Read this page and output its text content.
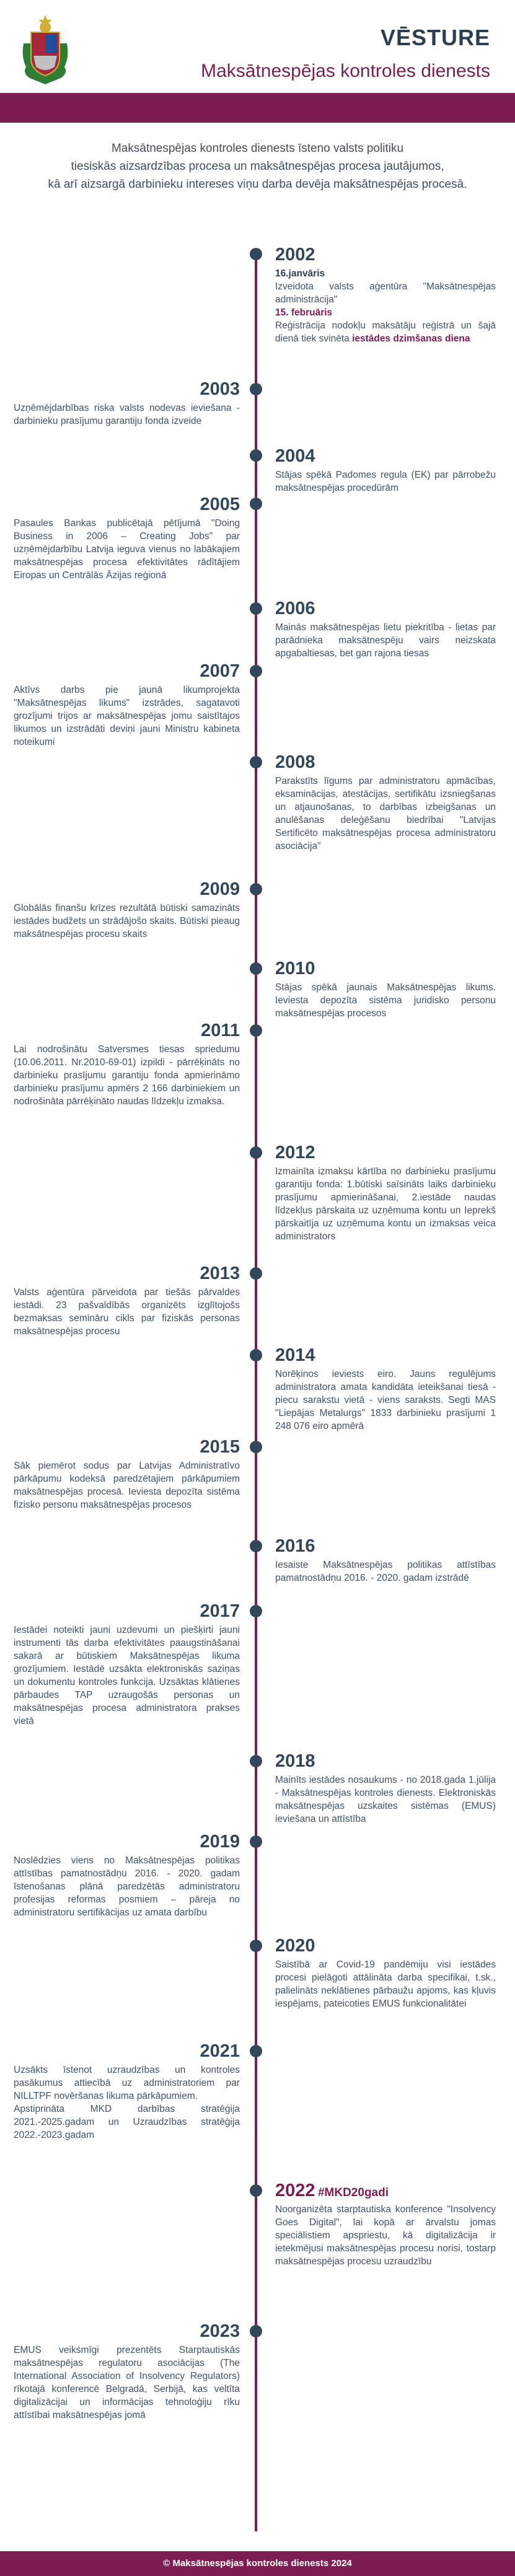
VĒSTURE
Maksātnespējas kontroles dienests
Maksātnespējas kontroles dienests īsteno valsts politiku
tiesiskās aizsardzības procesa un maksātnespējas procesa jautājumos,
kā arī aizsargā darbinieku intereses viņu darba devēja maksātnespējas procesā.
2002
16.janvāris
Izveidota valsts aģentūra "Maksātnespējas administrācija"
15. februāris
Reģistrācija nodokļu maksātāju reģistrā un šajā dienā tiek svinēta iestādes dzimšanas diena
2003
Uzņēmējdarbības riska valsts nodevas ieviešana - darbinieku prasījumu garantiju fonda izveide
2004
Stājas spēkā Padomes regula (EK) par pārrobežu maksātnespējas procedūrām
2005
Pasaules Bankas publicētajā pētījumā "Doing Business in 2006 – Creating Jobs" par uzņēmējdarbību Latvija ieguva vienus no labākajiem maksātnespējas procesa efektivitātes rādītājiem Eiropas un Centrālās Āzijas reģionā
2006
Mainās maksātnespējas lietu piekritība - lietas par parādnieka maksātnespēju vairs neizskata apgabaltiesas, bet gan rajona tiesas
2007
Aktīvs darbs pie jaunā likumprojekta "Maksātnespējas likums" izstrādes, sagatavoti grozījumi trijos ar maksātnespējas jomu saistītajos likumos un izstrādāti deviņi jauni Ministru kabineta noteikumi
2008
Parakstīts līgums par administratoru apmācības, eksaminācijas, atestācijas, sertifikātu izsniegšanas un atjaunošanas, to darbības izbeigšanas un anulēšanas deleģēšanu biedrībai "Latvijas Sertificēto maksātnespējas procesa administratoru asociācija"
2009
Globālās finanšu krīzes rezultātā būtiski samazināts iestādes budžets un strādājošo skaits. Būtiski pieaug maksātnespējas procesu skaits
2010
Stājas spēkā jaunais Maksātnespējas likums. Ieviesta depozīta sistēma juridisko personu maksātnespējas procesos
2011
Lai nodrošinātu Satversmes tiesas spriedumu (10.06.2011. Nr.2010-69-01) izpildi - pārrēķināts no darbinieku prasījumu garantiju fonda apmierināmo darbinieku prasījumu apmērs 2 166 darbiniekiem un nodrošināta pārrēķināto naudas līdzekļu izmaksa.
2012
Izmainīta izmaksu kārtība no darbinieku prasījumu garantiju fonda: 1.būtiski saīsināts laiks darbinieku prasījumu apmierināšanai, 2.iestāde naudas līdzekļus pārskaita uz uzņēmuma kontu un Ieprekš pārskaitīja uz uzņēmuma kontu un izmaksas veica administrators
2013
Valsts aģentūra pārveidota par tiešās pārvaldes iestādi. 23 pašvaldībās organizēts izglītojošs bezmaksas semināru cikls par fiziskās personas maksātnespējas procesu
2014
Norēķinos ieviests eiro. Jauns regulējums administratora amata kandidāta ieteikšanai tiesā - piecu sarakstu vietā - viens saraksts. Segti MAS "Liepājas Metalurgs" 1833 darbinieku prasījumi 1 248 076 eiro apmērā
2015
Sāk piemērot sodus par Latvijas Administratīvo pārkāpumu kodeksā paredzētajiem pārkāpumiem maksātnespējas procesā. Ieviesta depozīta sistēma fizisko personu maksātnespējas procesos
2016
Iesaiste Maksātnespējas politikas attīstības pamatnostādņu 2016. - 2020. gadam izstrādē
2017
Iestādei noteikti jauni uzdevumi un piešķirti jauni instrumenti tās darba efektivitātes paaugstināšanai sakarā ar būtiskiem Maksātnespējas likuma grozījumiem. Iestādē uzsākta elektroniskās saziņas un dokumentu kontroles funkcija. Uzsāktas klātienes pārbaudes TAP uzraugošās personas un maksātnespējas procesa administratora prakses vietā
2018
Mainīts iestādes nosaukums - no 2018.gada 1.jūlija - Maksātnespējas kontroles dienests. Elektroniskās maksātnespējas uzskaites sistēmas (EMUS) ieviešana un attīstība
2019
Noslēdzies viens no Maksātnespējas politikas attīstības pamatnostādņu 2016. - 2020. gadam īstenošanas plānā paredzētās administratoru profesijas reformas posmiem – pāreja no administratoru sertifikācijas uz amata darbību
2020
Saistībā ar Covid-19 pandēmiju visi iestādes procesi pielāgoti attālināta darba specifikai, t.sk., palielināts neklātienes pārbaužu apjoms, kas kļuvis iespējams, pateicoties EMUS funkcionalitātei
2021
Uzsākts īstenot uzraudzības un kontroles pasākumus attiecībā uz administratoriem par NILLTPF novēršanas likuma pārkāpumiem.
Apstiprināta MKD darbības stratēģija 2021.-2025.gadam un Uzraudzības stratēģija 2022.-2023.gadam
2022 #MKD20gadi
Noorganizēta starptautiska konference "Insolvency Goes Digital", lai kopā ar ārvalstu jomas speciālistiem apspriestu, kā digitalizācija ir ietekmējusi maksātnespējas procesu norisi, tostarp maksātnespējas procesu uzraudzību
2023
EMUS veiksmīgi prezentēts Starptautiskās maksātnespējas regulatoru asociācijas (The International Association of Insolvency Regulators) rīkotajā konferencē Belgradā, Serbijā, kas veltīta digitalizācijai un informācijas tehnoloģiju rīku attīstībai maksātnespējas jomā
© Maksātnespējas kontroles dienests 2024
